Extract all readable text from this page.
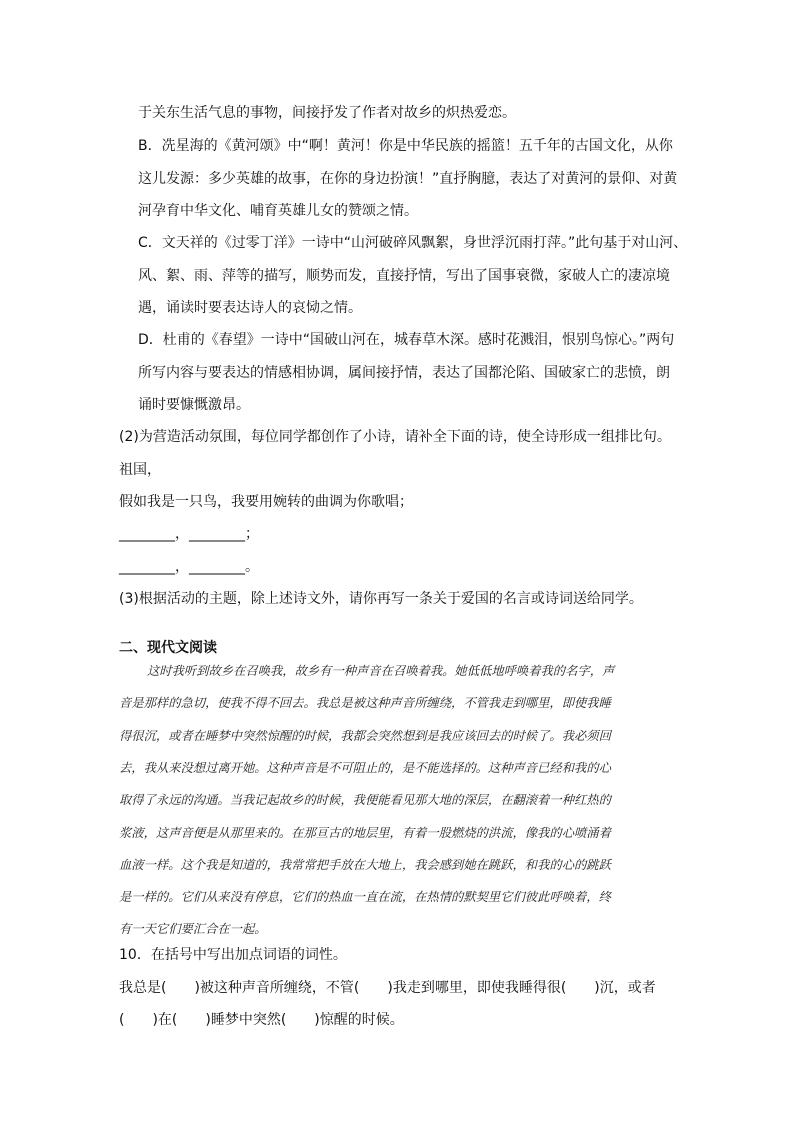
于关东生活气息的事物，间接抒发了作者对故乡的炽热爱恋。
B．冼星海的《黄河颂》中“啊！黄河！你是中华民族的摇篮！五千年的古国文化，从你
这儿发源：多少英雄的故事，在你的身边扮演！”直抒胸臆，表达了对黄河的景仰、对黄
河孕育中华文化、哺育英雄儿女的赞颂之情。
C．文天祥的《过零丁洋》一诗中“山河破碎风飘絮，身世浮沉雨打萍。”此句基于对山河、
风、絮、雨、萍等的描写，顺势而发，直接抒情，写出了国事衰微，家破人亡的凄凉境
遇，诵读时要表达诗人的哀恸之情。
D．杜甫的《春望》一诗中“国破山河在，城春草木深。感时花溅泪，恨别鸟惊心。”两句
所写内容与要表达的情感相协调，属间接抒情，表达了国都沦陷、国破家亡的悲愤，朗
诵时要慷慨激昂。
(2)为营造活动氛围，每位同学都创作了小诗，请补全下面的诗，使全诗形成一组排比句。
祖国，
假如我是一只鸟，我要用婉转的曲调为你歌唱；
________，________；
________，________。
(3)根据活动的主题，除上述诗文外，请你再写一条关于爱国的名言或诗词送给同学。
二、现代文阅读
这时我听到故乡在召唤我，故乡有一种声音在召唤着我。她低低地呼唤着我的名字，声
音是那样的急切，使我不得不回去。我总是被这种声音所缠绕，不管我走到哪里，即使我睡
得很沉，或者在睡梦中突然惊醒的时候，我都会突然想到是我应该回去的时候了。我必须回
去，我从来没想过离开她。这种声音是不可阻止的，是不能选择的。这种声音已经和我的心
取得了永远的沟通。当我记起故乡的时候，我便能看见那大地的深层，在翻滚着一种红热的
浆液，这声音便是从那里来的。在那亘古的地层里，有着一股燃烧的洪流，像我的心喷涌着
血液一样。这个我是知道的，我常常把手放在大地上，我会感到她在跳跃，和我的心的跳跃
是一样的。它们从来没有停息，它们的热血一直在流，在热情的默契里它们彼此呼唤着，终
有一天它们要汇合在一起。
10．在括号中写出加点词语的词性。
我总是(　　)被这种声音所缠绕，不管(　　)我走到哪里，即使我睡得很(　　)沉，或者
(　　)在(　　)睡梦中突然(　　)惊醒的时候。
